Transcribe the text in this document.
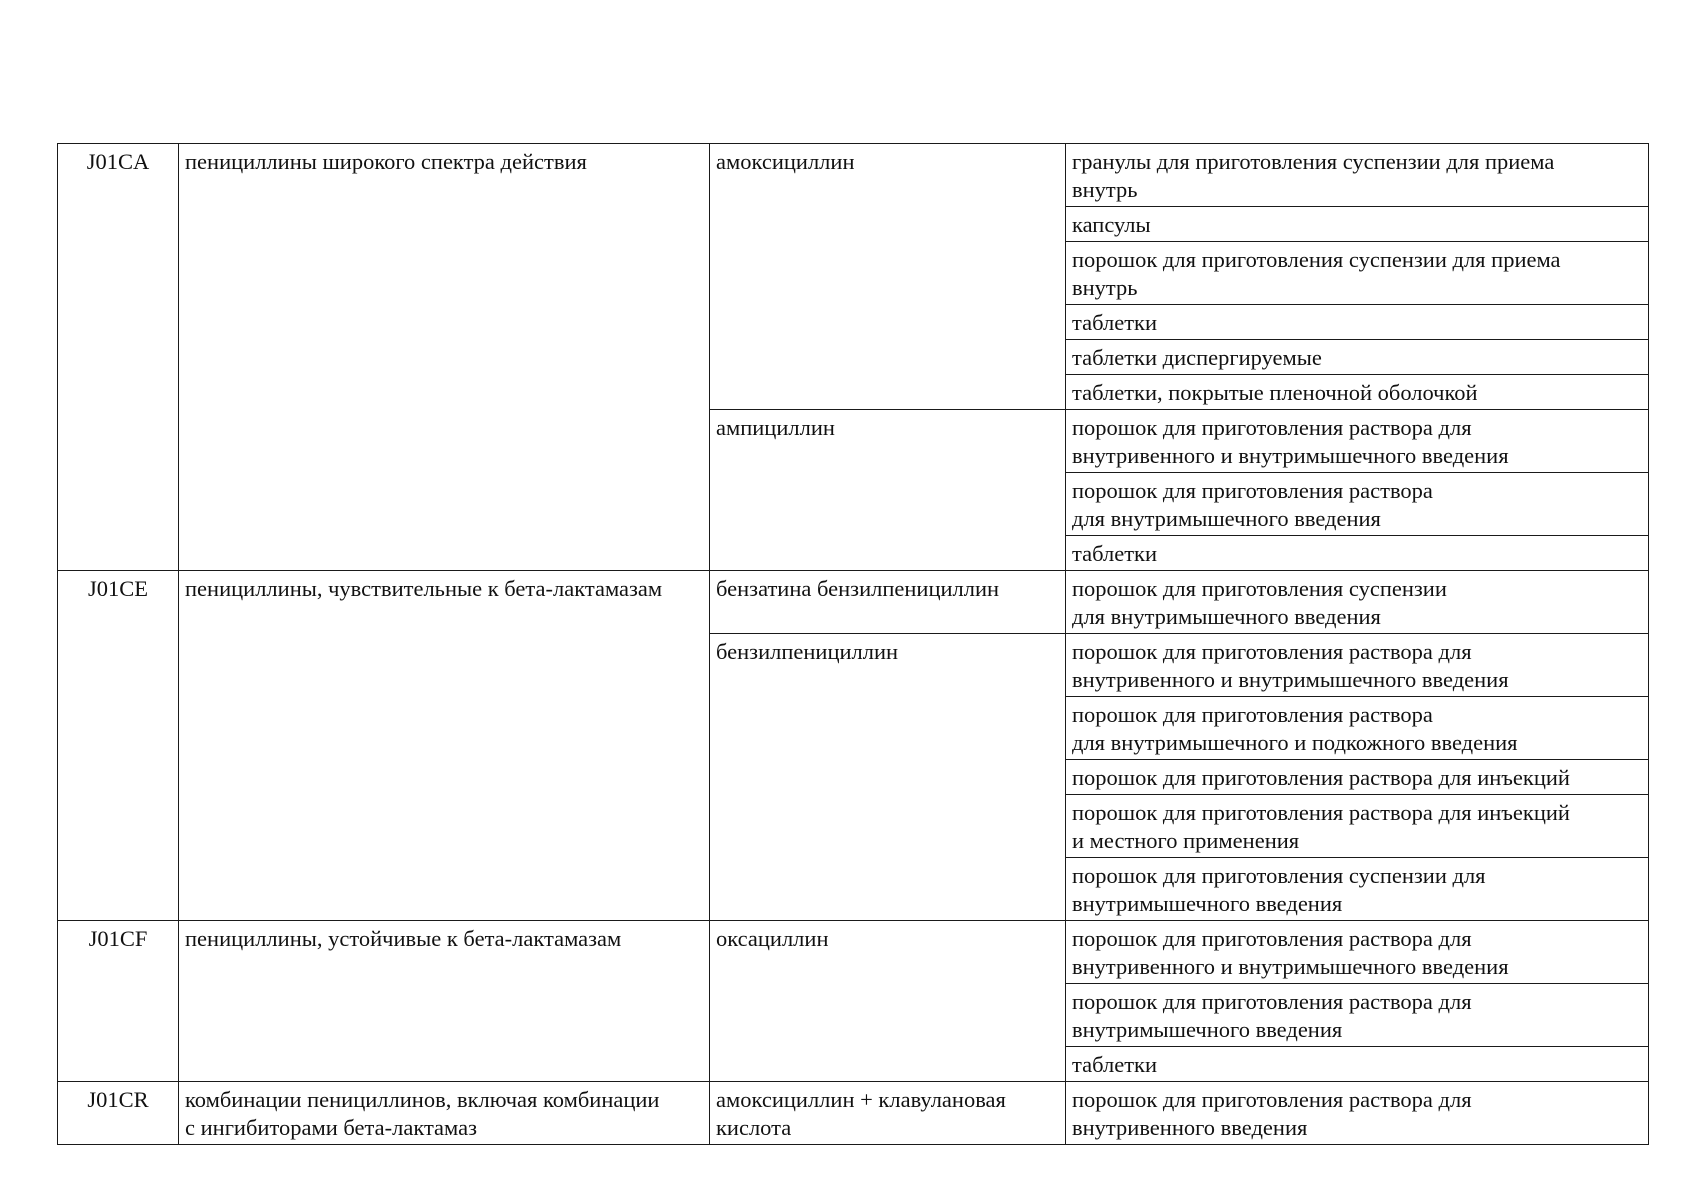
J01CA	пенициллины широкого спектра действия	амоксициллин	гранулы для приготовления суспензии для приема
внутрь
			капсулы
			порошок для приготовления суспензии для приема
внутрь
			таблетки
			таблетки диспергируемые
			таблетки, покрытые пленочной оболочкой
		ампициллин	порошок для приготовления раствора для
внутривенного и внутримышечного введения
			порошок для приготовления раствора
для внутримышечного введения
			таблетки
J01CE	пенициллины, чувствительные к бета-лактамазам	бензатина бензилпенициллин	порошок для приготовления суспензии
для внутримышечного введения
		бензилпенициллин	порошок для приготовления раствора для
внутривенного и внутримышечного введения
			порошок для приготовления раствора
для внутримышечного и подкожного введения
			порошок для приготовления раствора для инъекций
			порошок для приготовления раствора для инъекций
и местного применения
			порошок для приготовления суспензии для
внутримышечного введения
J01CF	пенициллины, устойчивые к бета-лактамазам	оксациллин	порошок для приготовления раствора для
внутривенного и внутримышечного введения
			порошок для приготовления раствора для
внутримышечного введения
			таблетки
J01CR	комбинации пенициллинов, включая комбинации
с ингибиторами бета-лактамаз	амоксициллин + клавулановая
кислота	порошок для приготовления раствора для
внутривенного введения
